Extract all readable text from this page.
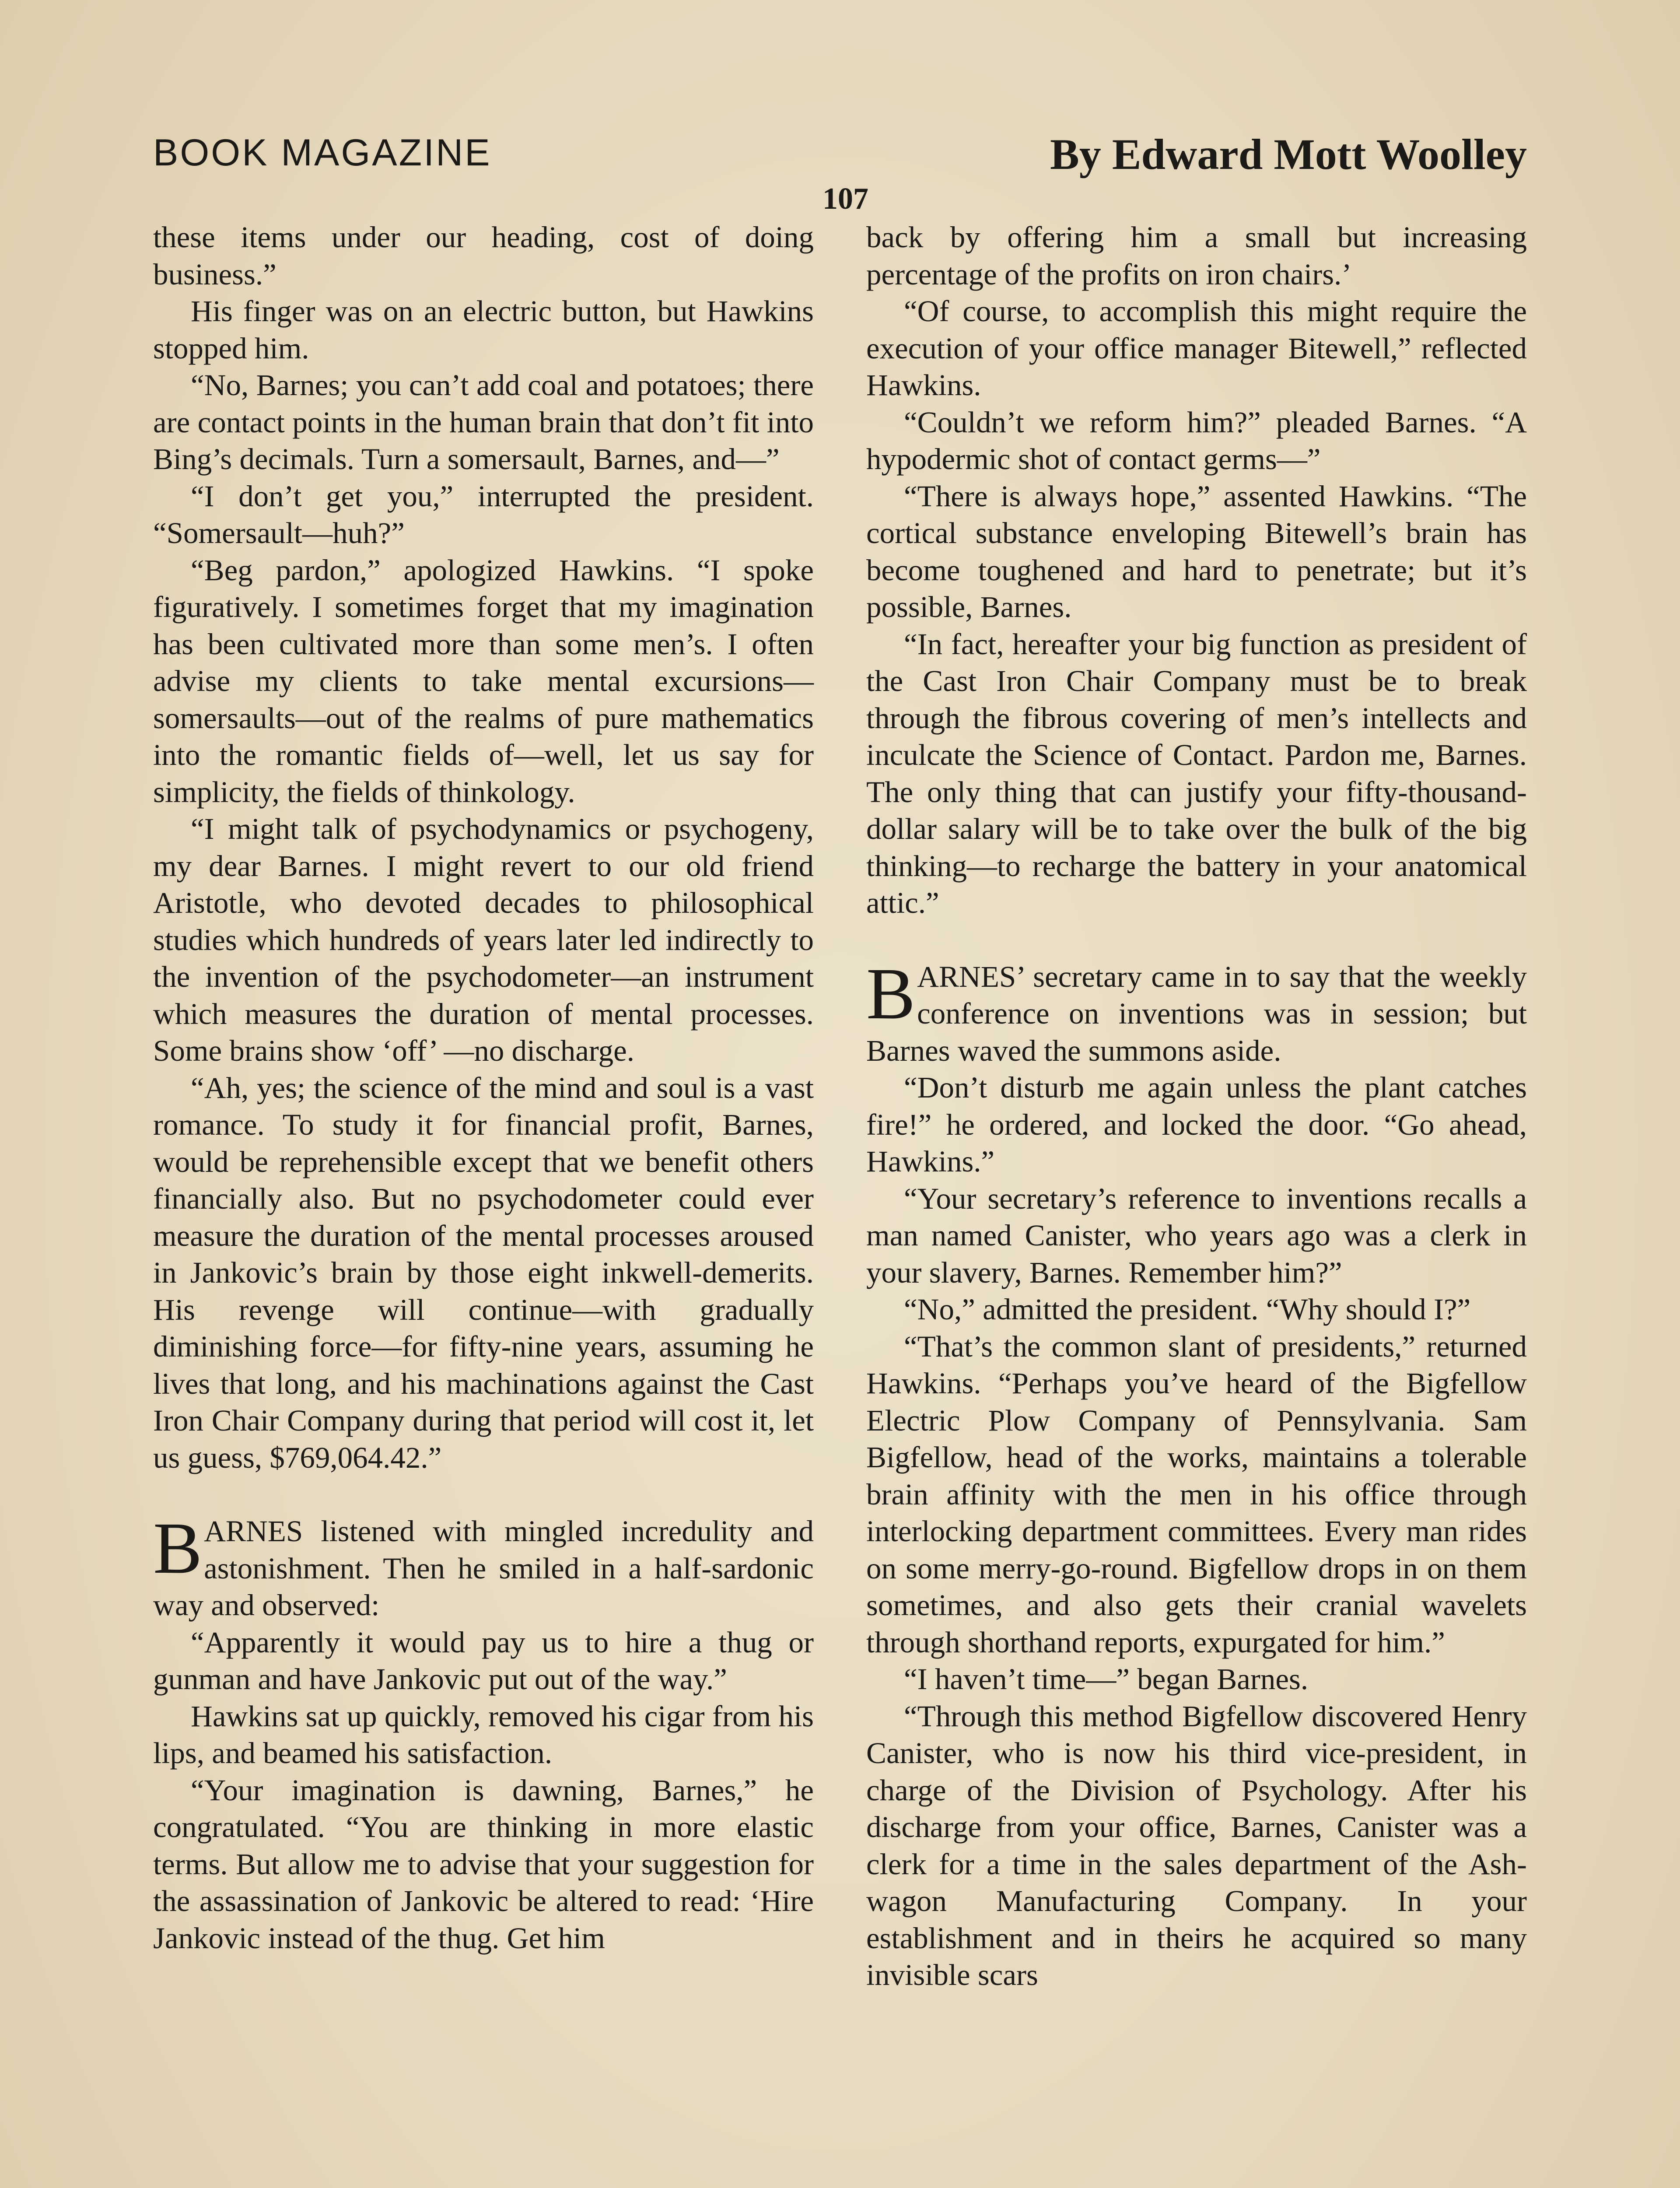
BOOK MAGAZINE	By Edward Mott Woolley
107

these items under our heading, cost of doing business.”

His finger was on an electric button, but Hawkins stopped him.

“No, Barnes; you can’t add coal and potatoes; there are contact points in the human brain that don’t fit into Bing’s decimals. Turn a somersault, Barnes, and—”

“I don’t get you,” interrupted the president. “Somersault—huh?”

“Beg pardon,” apologized Hawkins. “I spoke figuratively. I sometimes forget that my imagination has been cultivated more than some men’s. I often advise my clients to take mental excursions—somersaults—out of the realms of pure mathematics into the romantic fields of—well, let us say for simplicity, the fields of thinkology.

“I might talk of psychodynamics or psychogeny, my dear Barnes. I might revert to our old friend Aristotle, who devoted decades to philosophical studies which hundreds of years later led indirectly to the invention of the psychodometer—an instrument which measures the duration of mental processes. Some brains show ‘off’ —no discharge.

“Ah, yes; the science of the mind and soul is a vast romance. To study it for financial profit, Barnes, would be reprehensible except that we benefit others financially also. But no psychodometer could ever measure the duration of the mental processes aroused in Jankovic’s brain by those eight inkwell-demerits. His revenge will continue—with gradually diminishing force—for fifty-nine years, assuming he lives that long, and his machinations against the Cast Iron Chair Company during that period will cost it, let us guess, $769,064.42.”

B ARNES listened with mingled incredulity and astonishment. Then he smiled in a half-sardonic way and observed:

“Apparently it would pay us to hire a thug or gunman and have Jankovic put out of the way.”

Hawkins sat up quickly, removed his cigar from his lips, and beamed his satisfaction.

“Your imagination is dawning, Barnes,” he congratulated. “You are thinking in more elastic terms. But allow me to advise that your suggestion for the assassination of Jankovic be altered to read: ‘Hire Jankovic instead of the thug. Get him

back by offering him a small but increasing percentage of the profits on iron chairs.’

“Of course, to accomplish this might require the execution of your office manager Bitewell,” reflected Hawkins.

“Couldn’t we reform him?” pleaded Barnes. “A hypodermic shot of contact germs—”

“There is always hope,” assented Hawkins. “The cortical substance enveloping Bitewell’s brain has become toughened and hard to penetrate; but it’s possible, Barnes.

“In fact, hereafter your big function as president of the Cast Iron Chair Company must be to break through the fibrous covering of men’s intellects and inculcate the Science of Contact. Pardon me, Barnes. The only thing that can justify your fifty-thousand-dollar salary will be to take over the bulk of the big thinking—to recharge the battery in your anatomical attic.”

B ARNES’ secretary came in to say that the weekly conference on inventions was in session; but Barnes waved the summons aside.

“Don’t disturb me again unless the plant catches fire!” he ordered, and locked the door. “Go ahead, Hawkins.”

“Your secretary’s reference to inventions recalls a man named Canister, who years ago was a clerk in your slavery, Barnes. Remember him?”

“No,” admitted the president. “Why should I?”

“That’s the common slant of presidents,” returned Hawkins. “Perhaps you’ve heard of the Bigfellow Electric Plow Company of Pennsylvania. Sam Bigfellow, head of the works, maintains a tolerable brain affinity with the men in his office through interlocking department committees. Every man rides on some merry-go-round. Bigfellow drops in on them sometimes, and also gets their cranial wavelets through shorthand reports, expurgated for him.”

“I haven’t time—” began Barnes.

“Through this method Bigfellow discovered Henry Canister, who is now his third vice-president, in charge of the Division of Psychology. After his discharge from your office, Barnes, Canister was a clerk for a time in the sales department of the Ash-wagon Manufacturing Company. In your establishment and in theirs he acquired so many invisible scars
